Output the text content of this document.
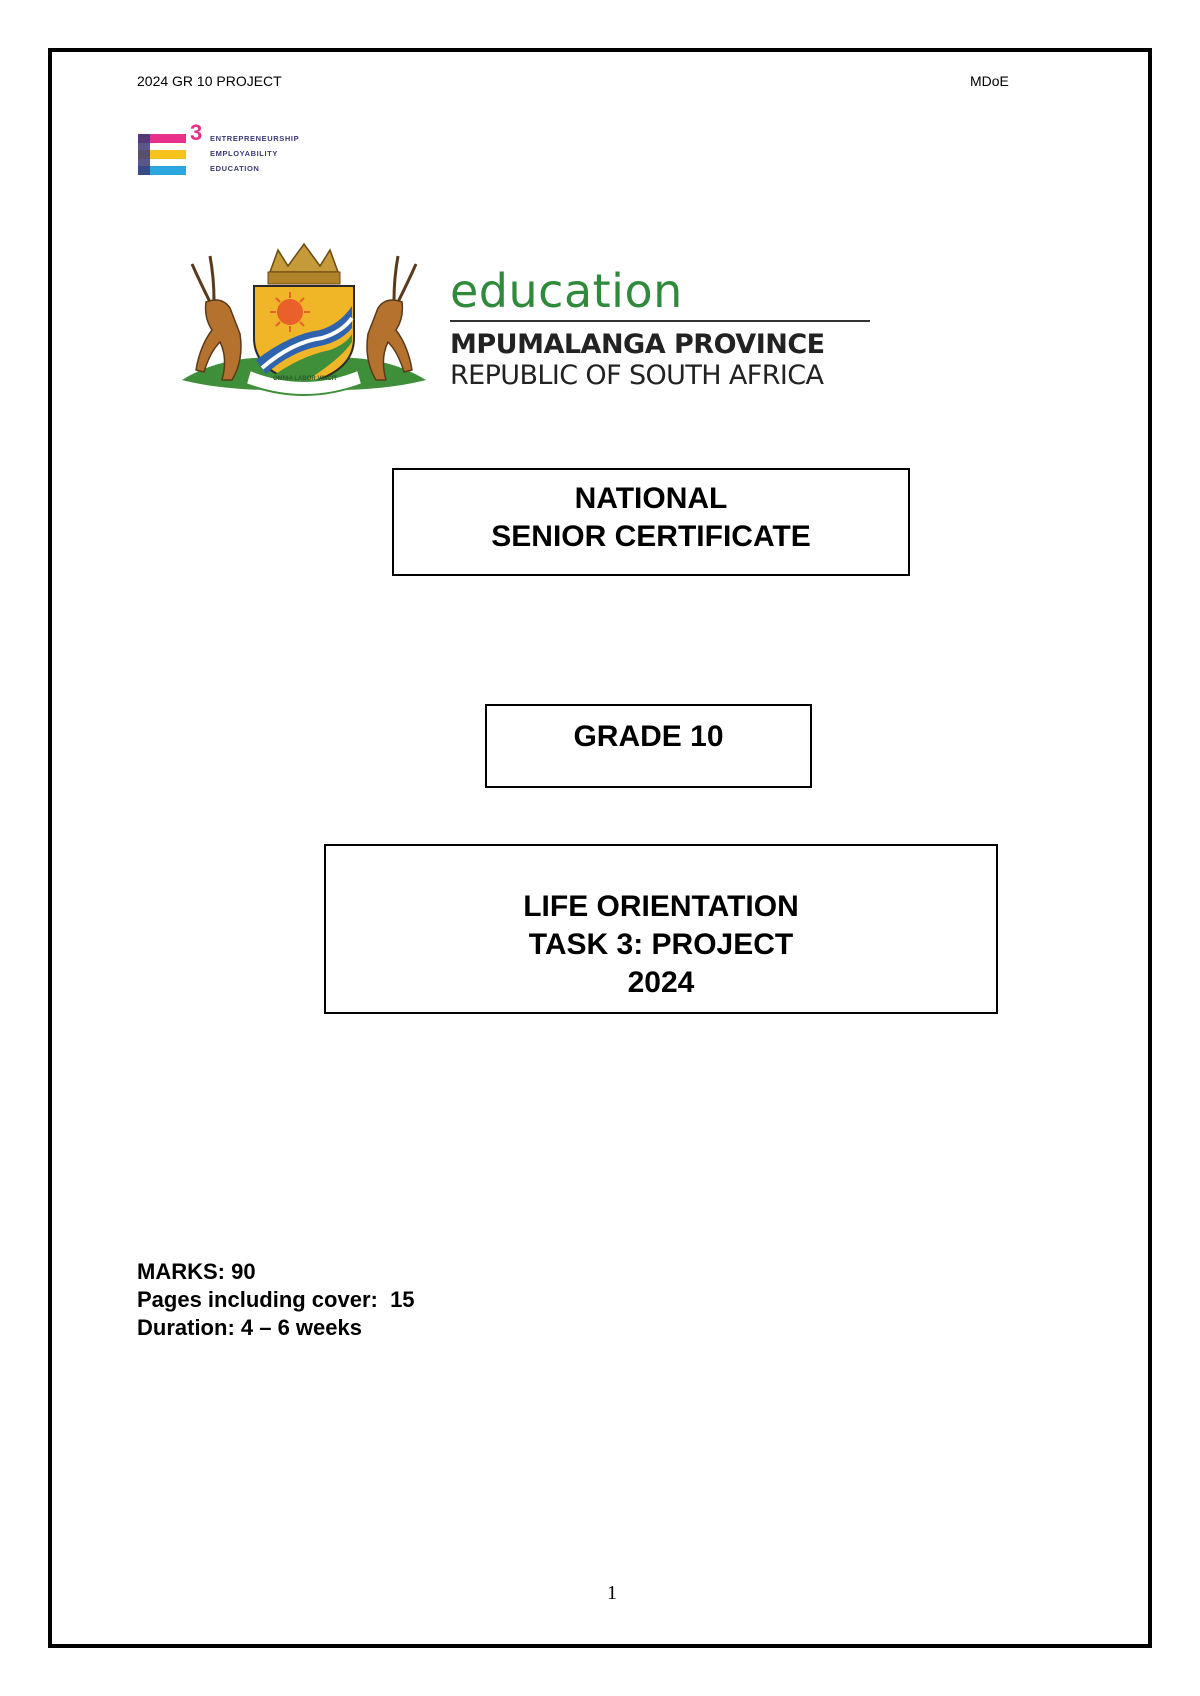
2024 GR 10 PROJECT	MDoE
3 ENTREPRENEURSHIP
EMPLOYABILITY
EDUCATION
OMNIA LABOR VINCIT
education
MPUMALANGA PROVINCE
REPUBLIC OF SOUTH AFRICA
NATIONAL
SENIOR CERTIFICATE
GRADE 10
LIFE ORIENTATION
TASK 3: PROJECT
2024
MARKS: 90
Pages including cover:  15
Duration: 4 – 6 weeks
1
